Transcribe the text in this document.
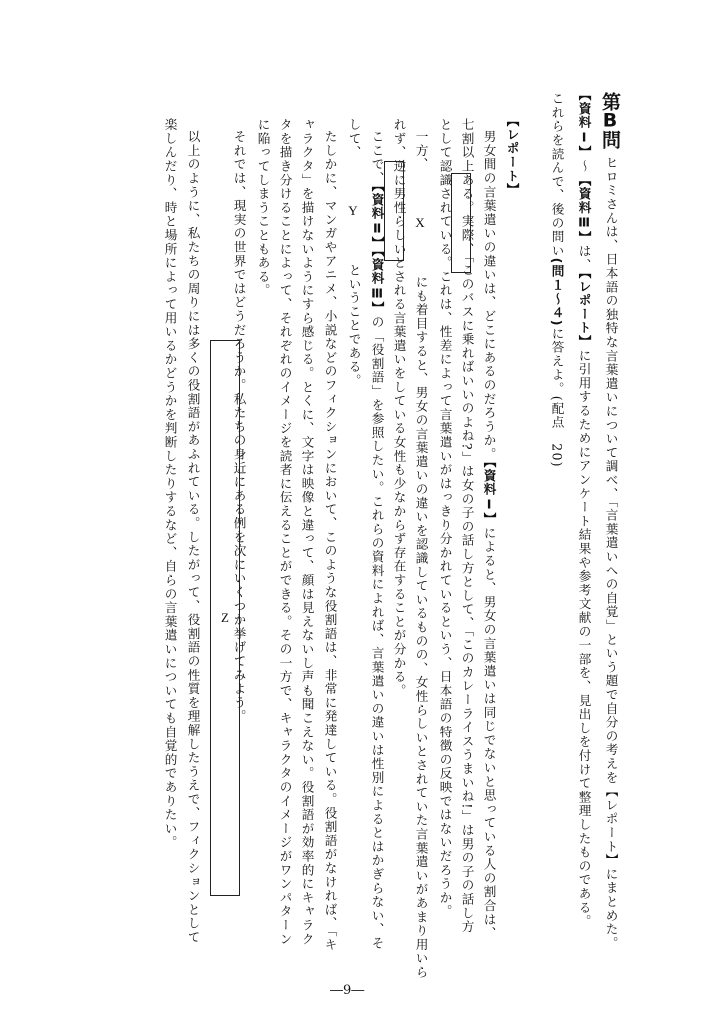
第B問
ヒロミさんは、日本語の独特な言葉遣いについて調べ、「言葉遣いへの自覚」という題で自分の考えを【レポート】にまとめた。
【資料Ⅰ】～【資料Ⅲ】は、【レポート】に引用するためにアンケート結果や参考文献の一部を、見出しを付けて整理したものである。
これらを読んで、後の問い(問１～４)に答えよ。(配点　20)
【レポート】
男女間の言葉遣いの違いは、どこにあるのだろうか。【資料Ⅰ】によると、男女の言葉遣いは同じでないと思っている人の割合は、
七割以上ある。実際、「このバスに乗ればいいのよね?」は女の子の話し方として、「このカレーライスうまいね!」は男の子の話し方
として認識されている。これは、性差によって言葉遣いがはっきり分かれているという、日本語の特徴の反映ではないだろうか。
一方、Xにも着目すると、男女の言葉遣いの違いを認識しているものの、女性らしいとされていた言葉遣いがあまり用いら
れず、逆に男性らしいとされる言葉遣いをしている女性も少なからず存在することが分かる。
ここで、【資料Ⅱ】【資料Ⅲ】の「役割語」を参照したい。これらの資料によれば、言葉遣いの違いは性別によるとはかぎらない、そ
して、Yということである。
たしかに、マンガやアニメ、小説などのフィクションにおいて、このような役割語は、非常に発達している。役割語がなければ、「キ
ャラクタ」を描けないようにすら感じる。とくに、文字は映像と違って、顔は見えないし声も聞こえない。役割語が効率的にキャラク
タを描き分けることによって、それぞれのイメージを読者に伝えることができる。その一方で、キャラクタのイメージがワンパターン
に陥ってしまうこともある。
それでは、現実の世界ではどうだろうか。私たちの身近にある例を次にいくつか挙げてみよう。
Z
以上のように、私たちの周りには多くの役割語があふれている。したがって、役割語の性質を理解したうえで、フィクションとして
楽しんだり、時と場所によって用いるかどうかを判断したりするなど、自らの言葉遣いについても自覚的でありたい。
―9―
